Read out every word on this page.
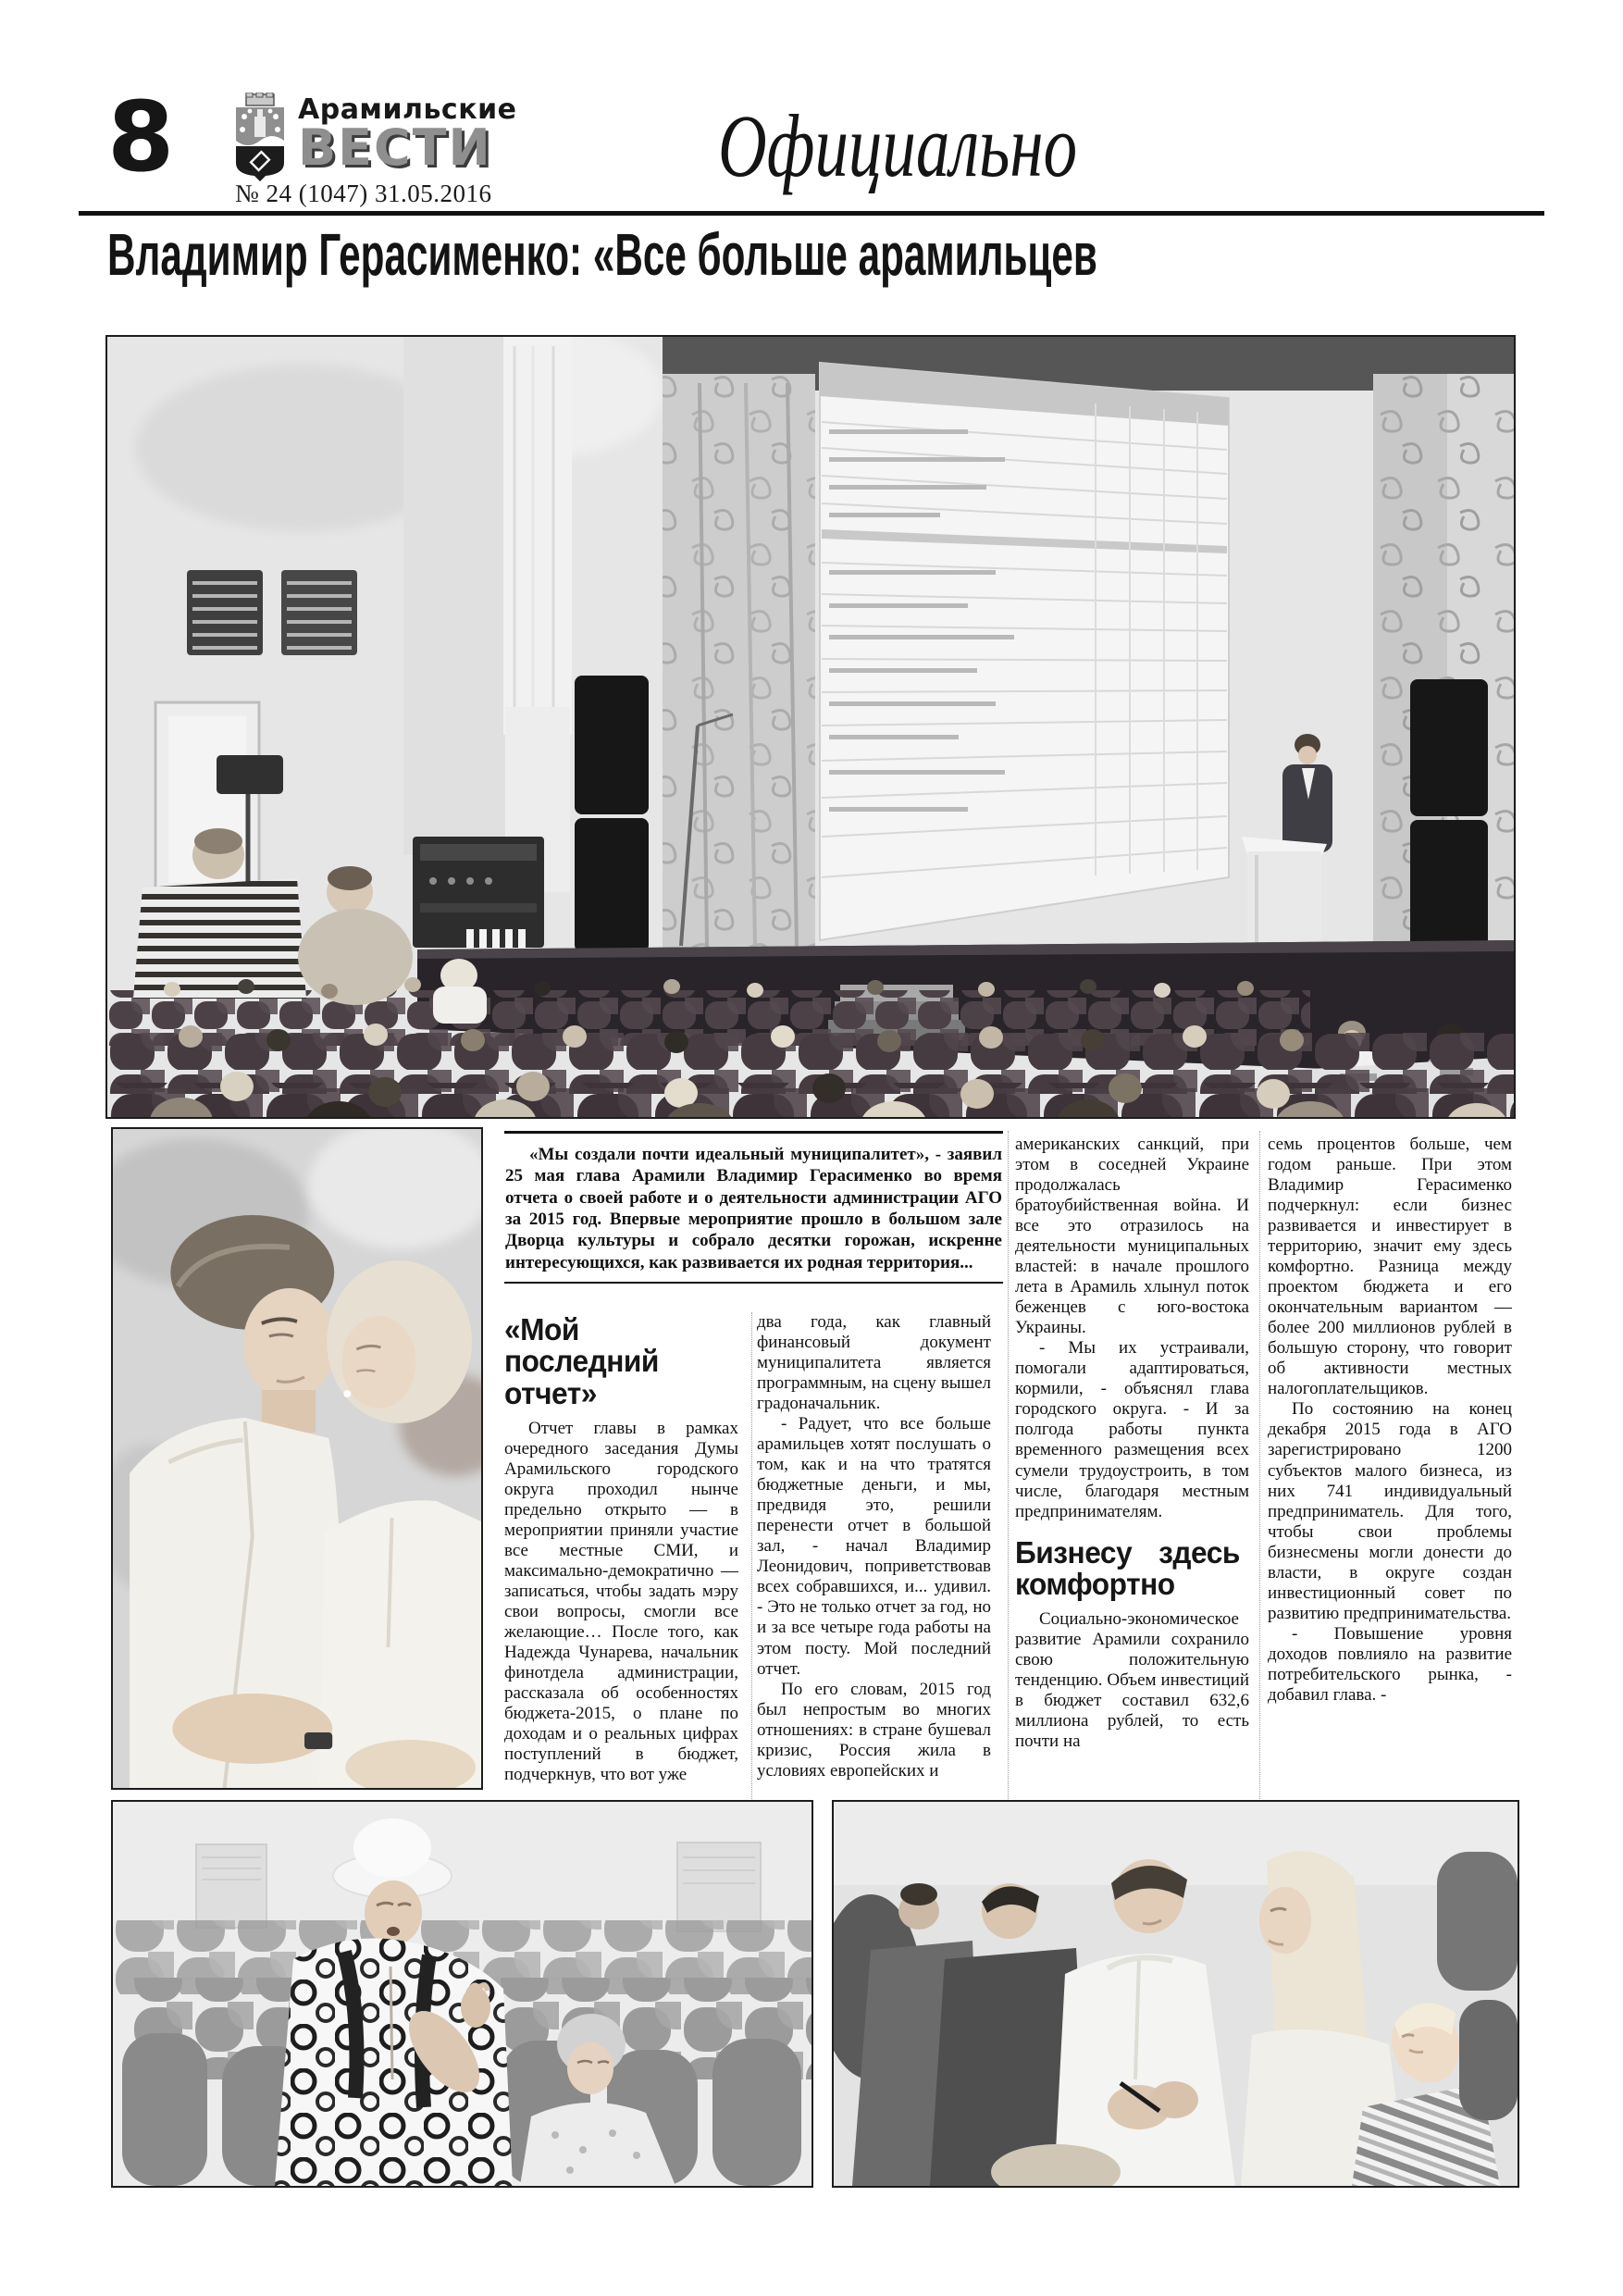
8	Арамильские
ВЕСТИ
№ 24 (1047) 31.05.2016	Официально
Владимир Герасименко: «Все больше арамильцев
«Мы создали почти идеальный муниципалитет», - заявил 25 мая глава Арамили Владимир Герасименко во время отчета о своей работе и о деятельности администрации АГО за 2015 год. Впервые мероприятие прошло в большом зале Дворца культуры и собрало десятки горожан, искренне интересующихся, как развивается их родная территория...
«Мой последний отчет»

Отчет главы в рамках очередного заседания Думы Арамильского городского округа проходил нынче предельно открыто — в мероприятии приняли участие все местные СМИ, и максимально-демократично — записаться, чтобы задать мэру свои вопросы, смогли все желающие… После того, как Надежда Чунарева, начальник финотдела администрации, рассказала об особенностях бюджета-2015, о плане по доходам и о реальных цифрах поступлений в бюджет, подчеркнув, что вот уже

два года, как главный финансовый документ муниципалитета является программным, на сцену вышел градоначальник.

- Радует, что все больше арамильцев хотят послушать о том, как и на что тратятся бюджетные деньги, и мы, предвидя это, решили перенести отчет в большой зал, - начал Владимир Леонидович, поприветствовав всех собравшихся, и... удивил. - Это не только отчет за год, но и за все четыре года работы на этом посту. Мой последний отчет.

По его словам, 2015 год был непростым во многих отношениях: в стране бушевал кризис, Россия жила в условиях европейских и

американских санкций, при этом в соседней Украине продолжалась братоубийственная война. И все это отразилось на деятельности муниципальных властей: в начале прошлого лета в Арамиль хлынул поток беженцев с юго-востока Украины.

- Мы их устраивали, помогали адаптироваться, кормили, - объяснял глава городского округа. - И за полгода работы пункта временного размещения всех сумели трудоустроить, в том числе, благодаря местным предпринимателям.

Бизнесу здесь комфортно

Социально-экономическое развитие Арамили сохранило свою положительную тенденцию. Объем инвестиций в бюджет составил 632,6 миллиона рублей, то есть почти на

семь процентов больше, чем годом раньше. При этом Владимир Герасименко подчеркнул: если бизнес развивается и инвестирует в территорию, значит ему здесь комфортно. Разница между проектом бюджета и его окончательным вариантом — более 200 миллионов рублей в большую сторону, что говорит об активности местных налогоплательщиков.

По состоянию на конец декабря 2015 года в АГО зарегистрировано 1200 субъектов малого бизнеса, из них 741 индивидуальный предприниматель. Для того, чтобы свои проблемы бизнесмены могли донести до власти, в округе создан инвестиционный совет по развитию предпринимательства.

- Повышение уровня доходов повлияло на развитие потребительского рынка, - добавил глава. -
